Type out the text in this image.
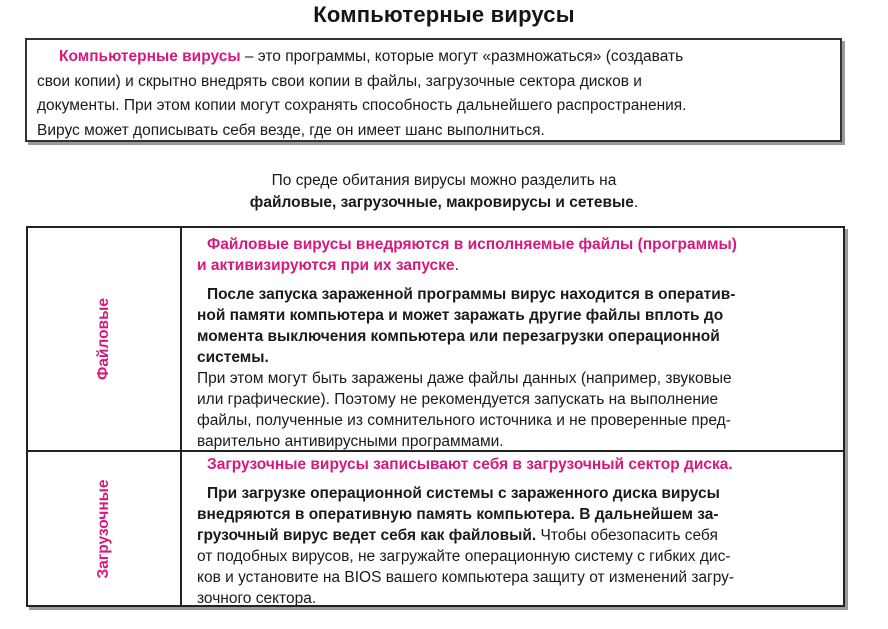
Компьютерные вирусы
Компьютерные вирусы – это программы, которые могут «размножаться» (создавать
свои копии) и скрытно внедрять свои копии в файлы, загрузочные сектора дисков и
документы. При этом копии могут сохранять способность дальнейшего распространения.
Вирус может дописывать себя везде, где он имеет шанс выполниться.
По среде обитания вирусы можно разделить на
файловые, загрузочные, макровирусы и сетевые.
Файловые
Файловые вирусы внедряются в исполняемые файлы (программы)
и активизируются при их запуске.
После запуска зараженной программы вирус находится в оператив-
ной памяти компьютера и может заражать другие файлы вплоть до
момента выключения компьютера или перезагрузки операционной
системы.
При этом могут быть заражены даже файлы данных (например, звуковые
или графические). Поэтому не рекомендуется запускать на выполнение
файлы, полученные из сомнительного источника и не проверенные пред-
варительно антивирусными программами.
Загрузочные
Загрузочные вирусы записывают себя в загрузочный сектор диска.
При загрузке операционной системы с зараженного диска вирусы
внедряются в оперативную память компьютера. В дальнейшем за-
грузочный вирус ведет себя как файловый. Чтобы обезопасить себя
от подобных вирусов, не загружайте операционную систему с гибких дис-
ков и установите на BIOS вашего компьютера защиту от изменений загру-
зочного сектора.
